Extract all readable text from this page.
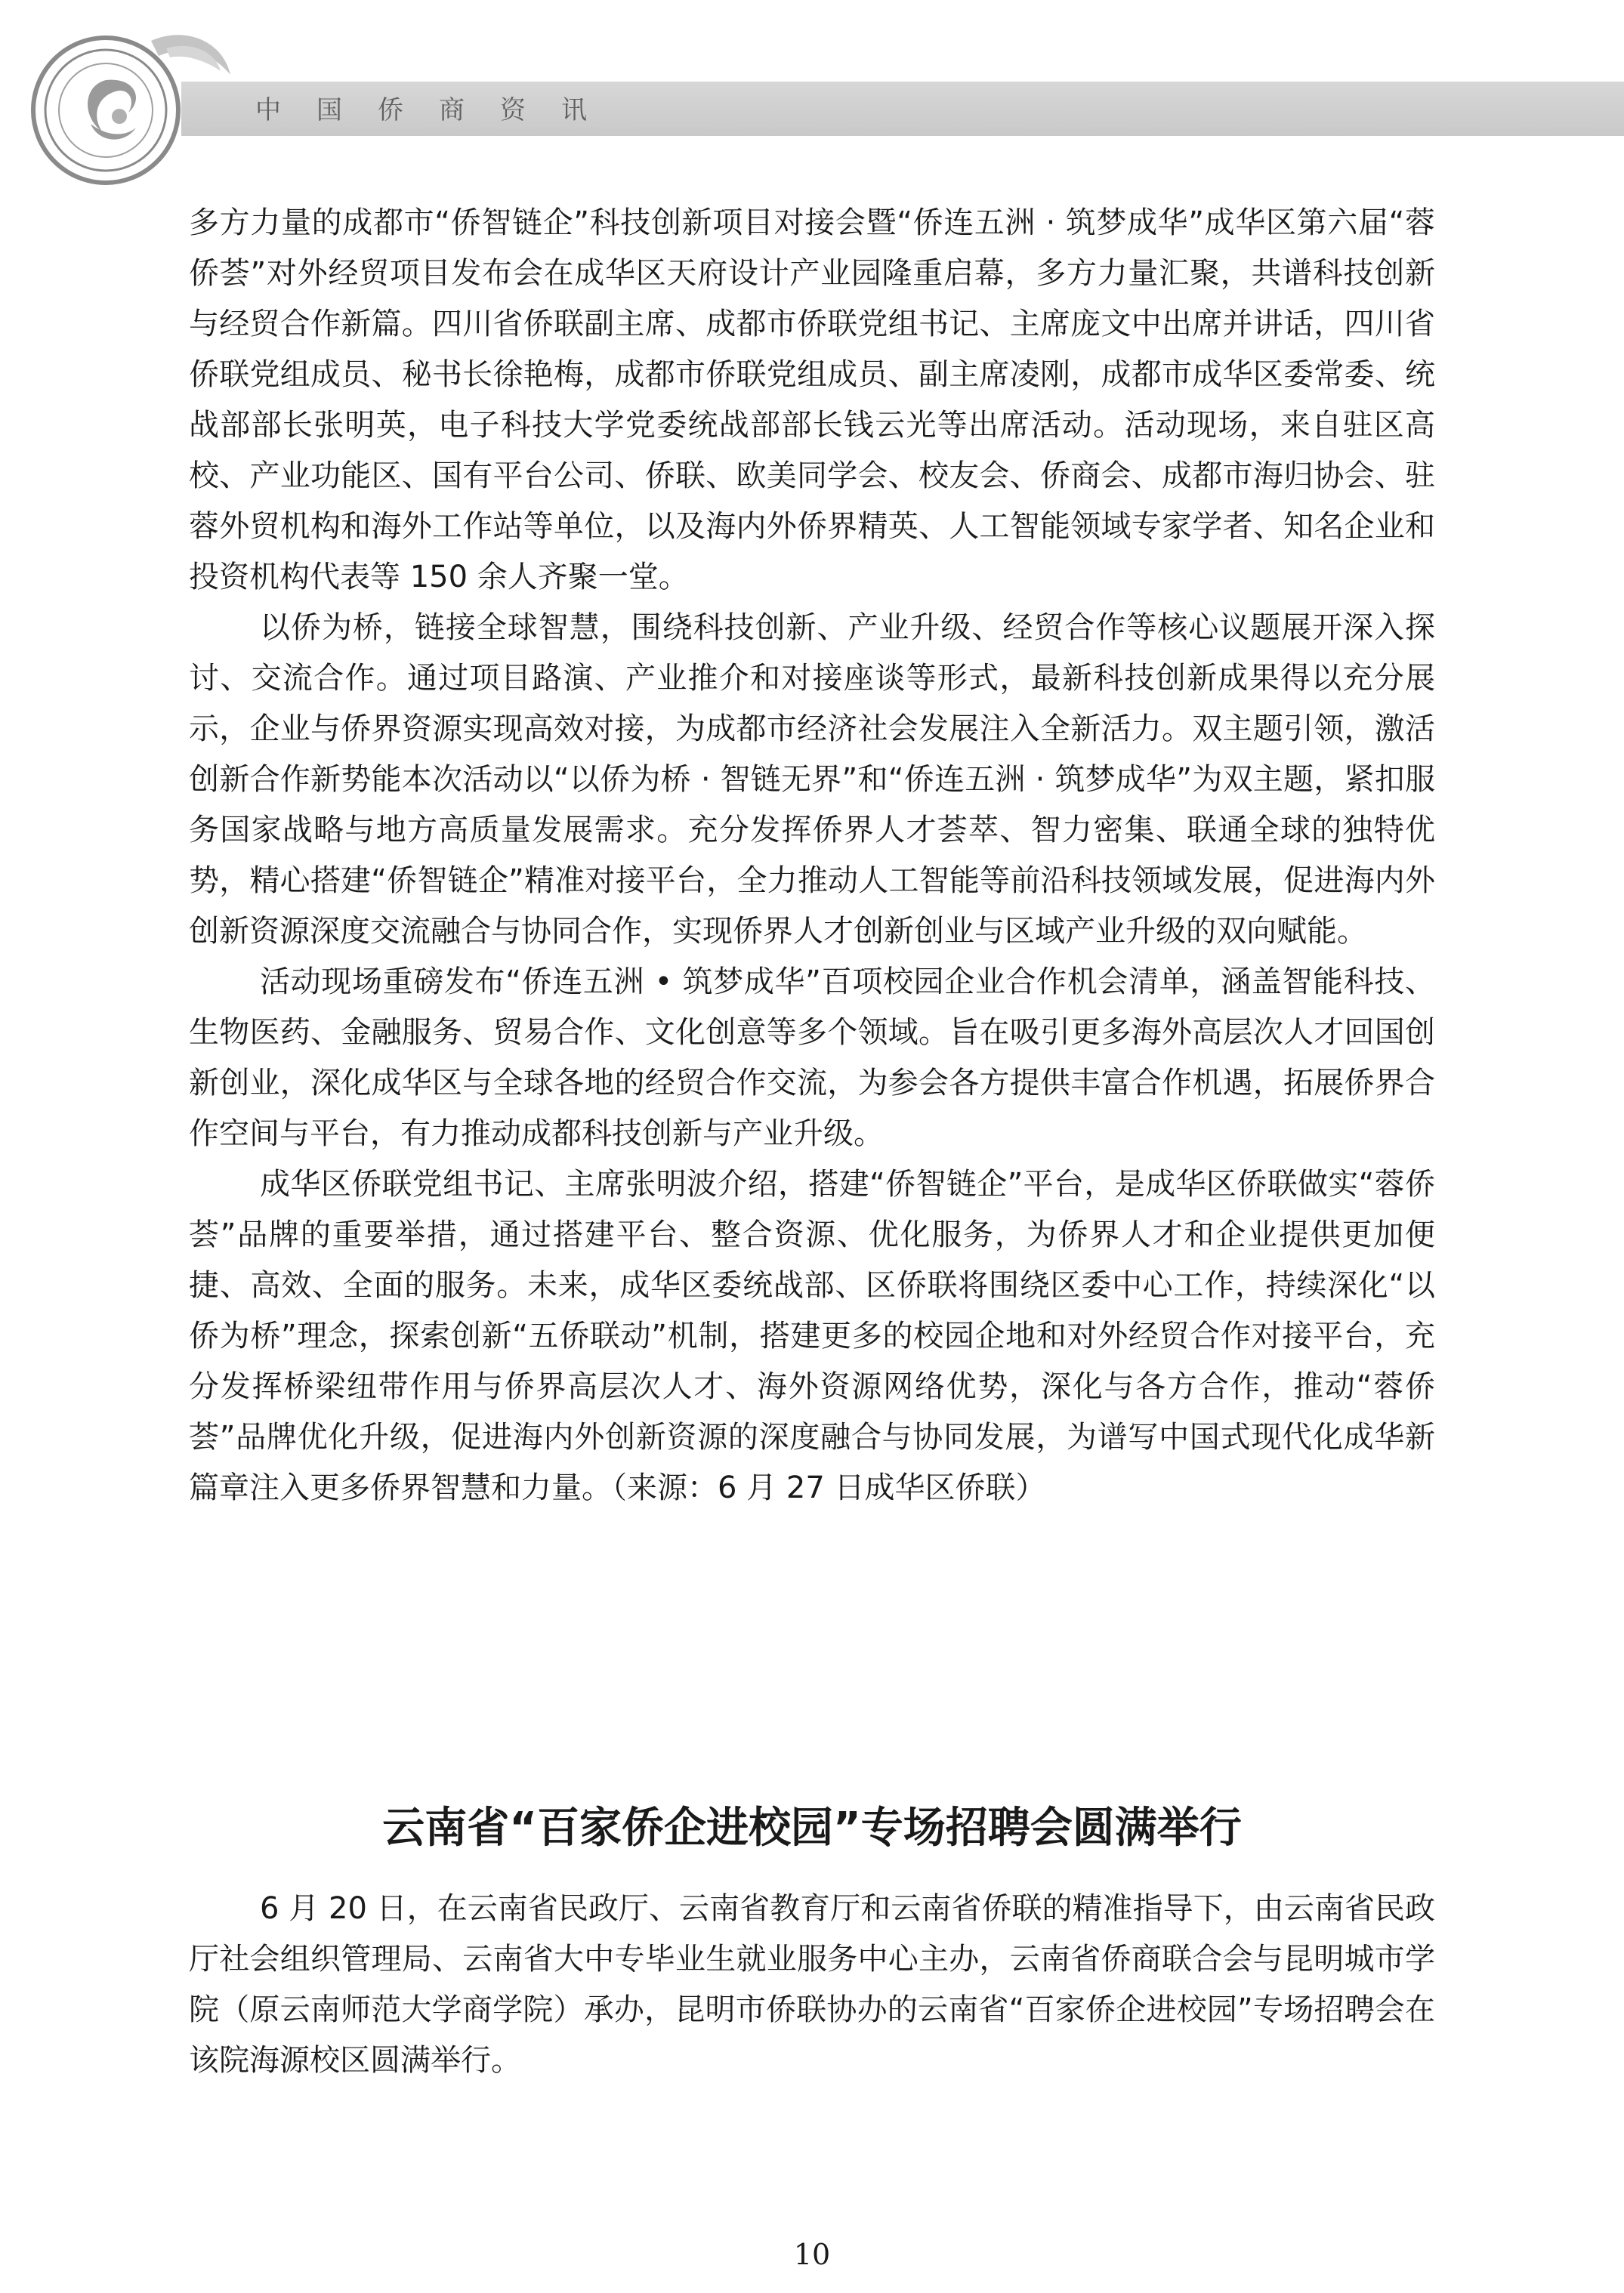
中国侨商资讯

多方力量的成都市“侨智链企”科技创新项目对接会暨“侨连五洲 · 筑梦成华”成华区第六届“蓉侨荟”对外经贸项目发布会在成华区天府设计产业园隆重启幕，多方力量汇聚，共谱科技创新与经贸合作新篇。四川省侨联副主席、成都市侨联党组书记、主席庞文中出席并讲话，四川省侨联党组成员、秘书长徐艳梅，成都市侨联党组成员、副主席凌刚，成都市成华区委常委、统战部部长张明英，电子科技大学党委统战部部长钱云光等出席活动。活动现场，来自驻区高校、产业功能区、国有平台公司、侨联、欧美同学会、校友会、侨商会、成都市海归协会、驻蓉外贸机构和海外工作站等单位，以及海内外侨界精英、人工智能领域专家学者、知名企业和投资机构代表等 150 余人齐聚一堂。

以侨为桥，链接全球智慧，围绕科技创新、产业升级、经贸合作等核心议题展开深入探讨、交流合作。通过项目路演、产业推介和对接座谈等形式，最新科技创新成果得以充分展示，企业与侨界资源实现高效对接，为成都市经济社会发展注入全新活力。双主题引领，激活创新合作新势能本次活动以“以侨为桥 · 智链无界”和“侨连五洲 · 筑梦成华”为双主题，紧扣服务国家战略与地方高质量发展需求。充分发挥侨界人才荟萃、智力密集、联通全球的独特优势，精心搭建“侨智链企”精准对接平台，全力推动人工智能等前沿科技领域发展，促进海内外创新资源深度交流融合与协同合作，实现侨界人才创新创业与区域产业升级的双向赋能。

活动现场重磅发布“侨连五洲 • 筑梦成华”百项校园企业合作机会清单，涵盖智能科技、生物医药、金融服务、贸易合作、文化创意等多个领域。旨在吸引更多海外高层次人才回国创新创业，深化成华区与全球各地的经贸合作交流，为参会各方提供丰富合作机遇，拓展侨界合作空间与平台，有力推动成都科技创新与产业升级。

成华区侨联党组书记、主席张明波介绍，搭建“侨智链企”平台，是成华区侨联做实“蓉侨荟”品牌的重要举措，通过搭建平台、整合资源、优化服务，为侨界人才和企业提供更加便捷、高效、全面的服务。未来，成华区委统战部、区侨联将围绕区委中心工作，持续深化“以侨为桥”理念，探索创新“五侨联动”机制，搭建更多的校园企地和对外经贸合作对接平台，充分发挥桥梁纽带作用与侨界高层次人才、海外资源网络优势，深化与各方合作，推动“蓉侨荟”品牌优化升级，促进海内外创新资源的深度融合与协同发展，为谱写中国式现代化成华新篇章注入更多侨界智慧和力量。（来源：6 月 27 日成华区侨联）

云南省“百家侨企进校园”专场招聘会圆满举行

6 月 20 日，在云南省民政厅、云南省教育厅和云南省侨联的精准指导下，由云南省民政厅社会组织管理局、云南省大中专毕业生就业服务中心主办，云南省侨商联合会与昆明城市学院（原云南师范大学商学院）承办，昆明市侨联协办的云南省“百家侨企进校园”专场招聘会在该院海源校区圆满举行。

10
